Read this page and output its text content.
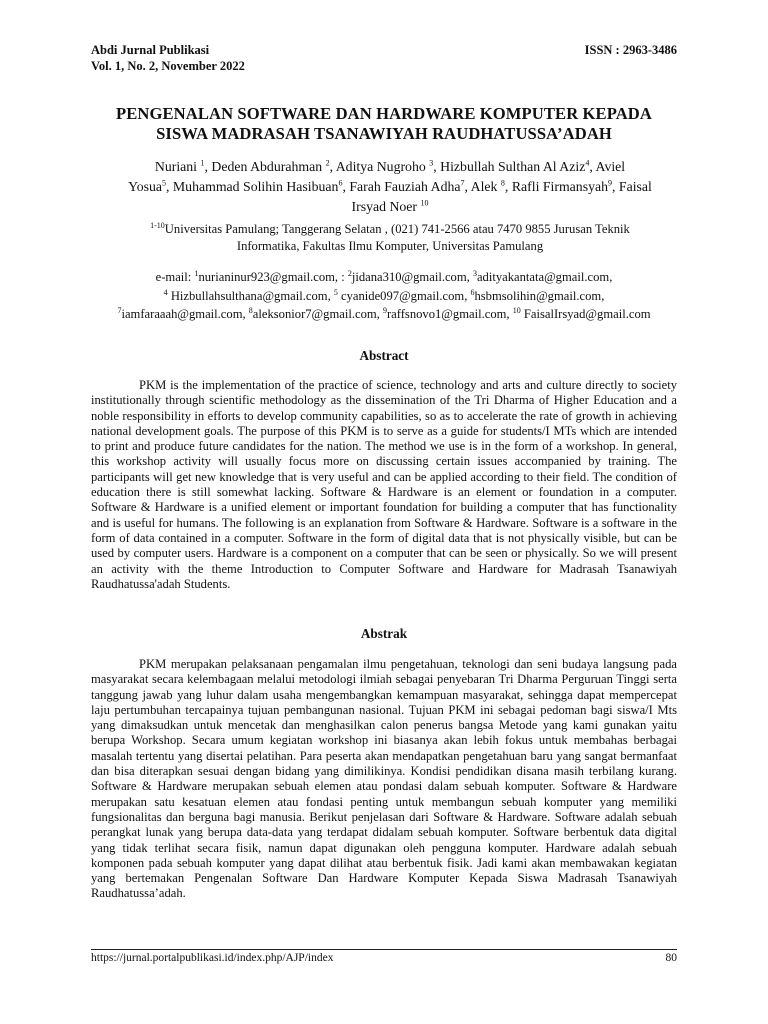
Abdi Jurnal Publikasi
Vol. 1, No. 2, November 2022
ISSN : 2963-3486
PENGENALAN SOFTWARE DAN HARDWARE KOMPUTER KEPADA
SISWA MADRASAH TSANAWIYAH RAUDHATUSSA’ADAH
Nuriani $^1$, Deden Abdurahman $^2$, Aditya Nugroho $^3$, Hizbullah Sulthan Al Aziz$^4$, Aviel
Yosua$^5$, Muhammad Solihin Hasibuan$^6$, Farah Fauziah Adha$^7$, Alek $^8$, Rafli Firmansyah$^9$, Faisal
Irsyad Noer $^{10}$
$^{1-10}$Universitas Pamulang; Tanggerang Selatan , (021) 741-2566 atau 7470 9855 Jurusan Teknik
Informatika, Fakultas Ilmu Komputer, Universitas Pamulang
e-mail: $^1$nurianinur923@gmail.com, : $^2$jidana310@gmail.com, $^3$adityakantata@gmail.com,
$^4$ Hizbullahsulthana@gmail.com, $^5$ cyanide097@gmail.com, $^6$hsbmsolihin@gmail.com,
$^7$iamfaraaah@gmail.com, $^8$aleksonior7@gmail.com, $^9$raffsnovo1@gmail.com, $^{10}$ FaisalIrsyad@gmail.com
Abstract

PKM is the implementation of the practice of science, technology and arts and culture directly to society institutionally through scientific methodology as the dissemination of the Tri Dharma of Higher Education and a noble responsibility in efforts to develop community capabilities, so as to accelerate the rate of growth in achieving national development goals. The purpose of this PKM is to serve as a guide for students/I MTs which are intended to print and produce future candidates for the nation. The method we use is in the form of a workshop. In general, this workshop activity will usually focus more on discussing certain issues accompanied by training. The participants will get new knowledge that is very useful and can be applied according to their field. The condition of education there is still somewhat lacking. Software & Hardware is an element or foundation in a computer. Software & Hardware is a unified element or important foundation for building a computer that has functionality and is useful for humans. The following is an explanation from Software & Hardware. Software is a software in the form of data contained in a computer. Software in the form of digital data that is not physically visible, but can be used by computer users. Hardware is a component on a computer that can be seen or physically. So we will present an activity with the theme Introduction to Computer Software and Hardware for Madrasah Tsanawiyah Raudhatussa'adah Students.

Abstrak

PKM merupakan pelaksanaan pengamalan ilmu pengetahuan, teknologi dan seni budaya langsung pada masyarakat secara kelembagaan melalui metodologi ilmiah sebagai penyebaran Tri Dharma Perguruan Tinggi serta tanggung jawab yang luhur dalam usaha mengembangkan kemampuan masyarakat, sehingga dapat mempercepat laju pertumbuhan tercapainya tujuan pembangunan nasional. Tujuan PKM ini sebagai pedoman bagi siswa/I Mts yang dimaksudkan untuk mencetak dan menghasilkan calon penerus bangsa Metode yang kami gunakan yaitu berupa Workshop. Secara umum kegiatan workshop ini biasanya akan lebih fokus untuk membahas berbagai masalah tertentu yang disertai pelatihan. Para peserta akan mendapatkan pengetahuan baru yang sangat bermanfaat dan bisa diterapkan sesuai dengan bidang yang dimilikinya. Kondisi pendidikan disana masih terbilang kurang. Software & Hardware merupakan sebuah elemen atau pondasi dalam sebuah komputer. Software & Hardware merupakan satu kesatuan elemen atau fondasi penting untuk membangun sebuah komputer yang memiliki fungsionalitas dan berguna bagi manusia. Berikut penjelasan dari Software & Hardware. Software adalah sebuah perangkat lunak yang berupa data-data yang terdapat didalam sebuah komputer. Software berbentuk data digital yang tidak terlihat secara fisik, namun dapat digunakan oleh pengguna komputer. Hardware adalah sebuah komponen pada sebuah komputer yang dapat dilihat atau berbentuk fisik. Jadi kami akan membawakan kegiatan yang bertemakan Pengenalan Software Dan Hardware Komputer Kepada Siswa Madrasah Tsanawiyah Raudhatussa’adah.

https://jurnal.portalpublikasi.id/index.php/AJP/index	80
